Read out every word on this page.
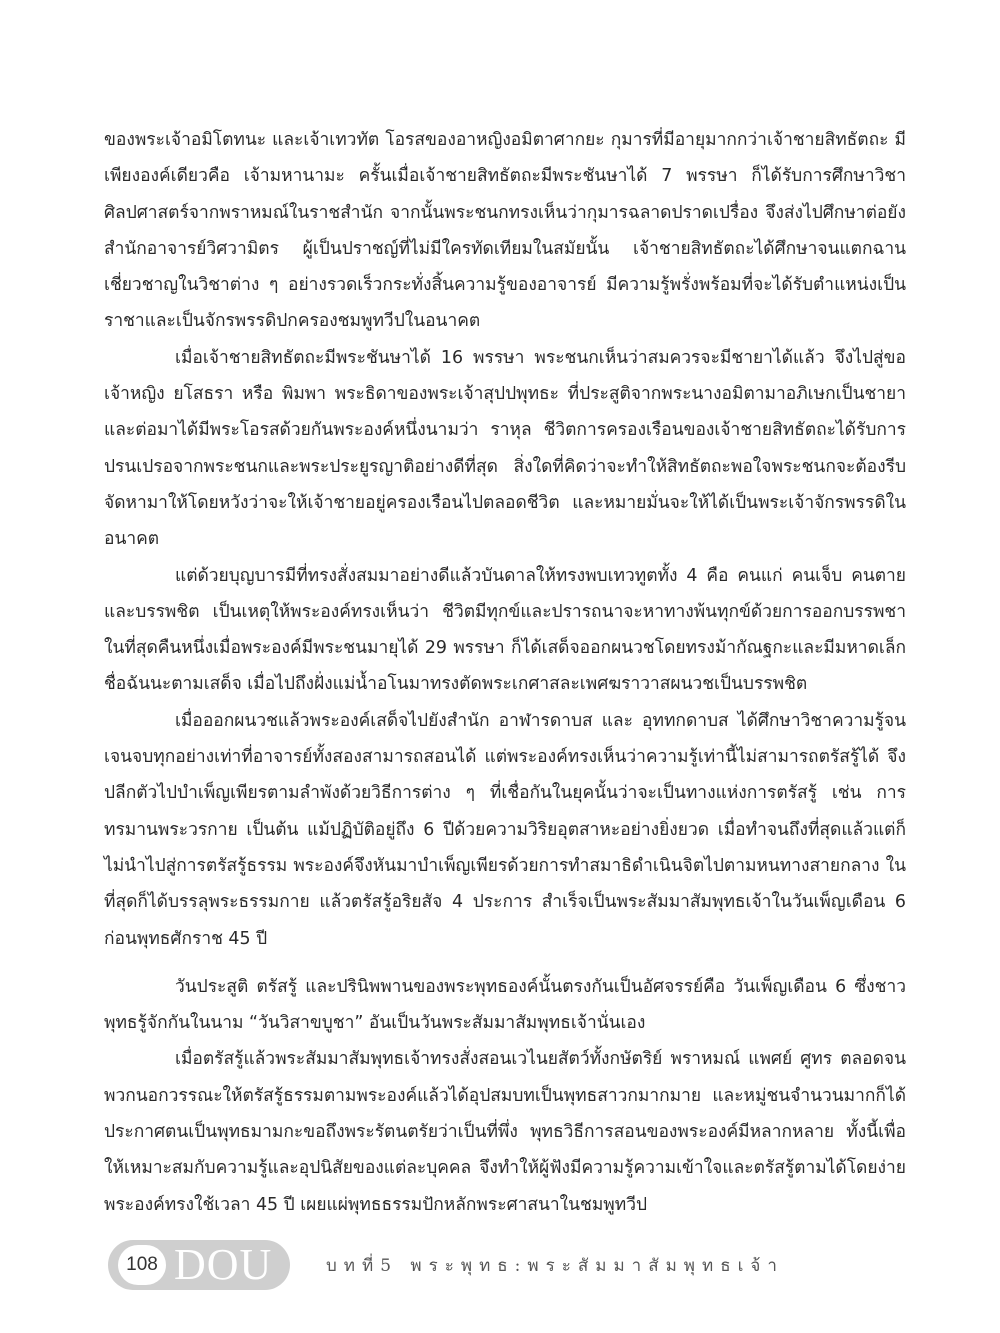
ของพระเจ้าอมิโตทนะ และเจ้าเทวทัต โอรสของอาหญิงอมิตาศากยะ กุมารที่มีอายุมากกว่าเจ้าชายสิทธัตถะ มีเพียงองค์เดียวคือ เจ้ามหานามะ ครั้นเมื่อเจ้าชายสิทธัตถะมีพระชันษาได้ 7 พรรษา ก็ได้รับการศึกษาวิชาศิลปศาสตร์จากพราหมณ์ในราชสำนัก จากนั้นพระชนกทรงเห็นว่ากุมารฉลาดปราดเปรื่อง จึงส่งไปศึกษาต่อยังสำนักอาจารย์วิศวามิตร ผู้เป็นปราชญ์ที่ไม่มีใครทัดเทียมในสมัยนั้น เจ้าชายสิทธัตถะได้ศึกษาจนแตกฉานเชี่ยวชาญในวิชาต่าง ๆ อย่างรวดเร็วกระทั่งสิ้นความรู้ของอาจารย์ มีความรู้พรั่งพร้อมที่จะได้รับตำแหน่งเป็นราชาและเป็นจักรพรรดิปกครองชมพูทวีปในอนาคต

เมื่อเจ้าชายสิทธัตถะมีพระชันษาได้ 16 พรรษา พระชนกเห็นว่าสมควรจะมีชายาได้แล้ว จึงไปสู่ขอเจ้าหญิง ยโสธรา หรือ พิมพา พระธิดาของพระเจ้าสุปปพุทธะ ที่ประสูติจากพระนางอมิตามาอภิเษกเป็นชายาและต่อมาได้มีพระโอรสด้วยกันพระองค์หนึ่งนามว่า ราหุล ชีวิตการครองเรือนของเจ้าชายสิทธัตถะได้รับการปรนเปรอจากพระชนกและพระประยูรญาติอย่างดีที่สุด สิ่งใดที่คิดว่าจะทำให้สิทธัตถะพอใจพระชนกจะต้องรีบจัดหามาให้โดยหวังว่าจะให้เจ้าชายอยู่ครองเรือนไปตลอดชีวิต และหมายมั่นจะให้ได้เป็นพระเจ้าจักรพรรดิในอนาคต

แต่ด้วยบุญบารมีที่ทรงสั่งสมมาอย่างดีแล้วบันดาลให้ทรงพบเทวทูตทั้ง 4 คือ คนแก่ คนเจ็บ คนตาย และบรรพชิต เป็นเหตุให้พระองค์ทรงเห็นว่า ชีวิตมีทุกข์และปรารถนาจะหาทางพ้นทุกข์ด้วยการออกบรรพชา ในที่สุดคืนหนึ่งเมื่อพระองค์มีพระชนมายุได้ 29 พรรษา ก็ได้เสด็จออกผนวชโดยทรงม้ากัณฐกะและมีมหาดเล็กชื่อฉันนะตามเสด็จ เมื่อไปถึงฝั่งแม่น้ำอโนมาทรงตัดพระเกศาสละเพศฆราวาสผนวชเป็นบรรพชิต

เมื่อออกผนวชแล้วพระองค์เสด็จไปยังสำนัก อาฬารดาบส และ อุททกดาบส ได้ศึกษาวิชาความรู้จนเจนจบทุกอย่างเท่าที่อาจารย์ทั้งสองสามารถสอนได้ แต่พระองค์ทรงเห็นว่าความรู้เท่านี้ไม่สามารถตรัสรู้ได้ จึงปลีกตัวไปบำเพ็ญเพียรตามลำพังด้วยวิธีการต่าง ๆ ที่เชื่อกันในยุคนั้นว่าจะเป็นทางแห่งการตรัสรู้ เช่น การทรมานพระวรกาย เป็นต้น แม้ปฏิบัติอยู่ถึง 6 ปีด้วยความวิริยอุตสาหะอย่างยิ่งยวด เมื่อทำจนถึงที่สุดแล้วแต่ก็ไม่นำไปสู่การตรัสรู้ธรรม พระองค์จึงหันมาบำเพ็ญเพียรด้วยการทำสมาธิดำเนินจิตไปตามหนทางสายกลาง ในที่สุดก็ได้บรรลุพระธรรมกาย แล้วตรัสรู้อริยสัจ 4 ประการ สำเร็จเป็นพระสัมมาสัมพุทธเจ้าในวันเพ็ญเดือน 6 ก่อนพุทธศักราช 45 ปี

วันประสูติ ตรัสรู้ และปรินิพพานของพระพุทธองค์นั้นตรงกันเป็นอัศจรรย์คือ วันเพ็ญเดือน 6 ซึ่งชาวพุทธรู้จักกันในนาม “วันวิสาขบูชา” อันเป็นวันพระสัมมาสัมพุทธเจ้านั่นเอง

เมื่อตรัสรู้แล้วพระสัมมาสัมพุทธเจ้าทรงสั่งสอนเวไนยสัตว์ทั้งกษัตริย์ พราหมณ์ แพศย์ ศูทร ตลอดจนพวกนอกวรรณะให้ตรัสรู้ธรรมตามพระองค์แล้วได้อุปสมบทเป็นพุทธสาวกมากมาย และหมู่ชนจำนวนมากก็ได้ประกาศตนเป็นพุทธมามกะขอถึงพระรัตนตรัยว่าเป็นที่พึ่ง พุทธวิธีการสอนของพระองค์มีหลากหลาย ทั้งนี้เพื่อให้เหมาะสมกับความรู้และอุปนิสัยของแต่ละบุคคล จึงทำให้ผู้ฟังมีความรู้ความเข้าใจและตรัสรู้ตามได้โดยง่าย พระองค์ทรงใช้เวลา 45 ปี เผยแผ่พุทธธรรมปักหลักพระศาสนาในชมพูทวีป

108 DOU	บทที่5 พระพุทธ:พระสัมมาสัมพุทธเจ้า
